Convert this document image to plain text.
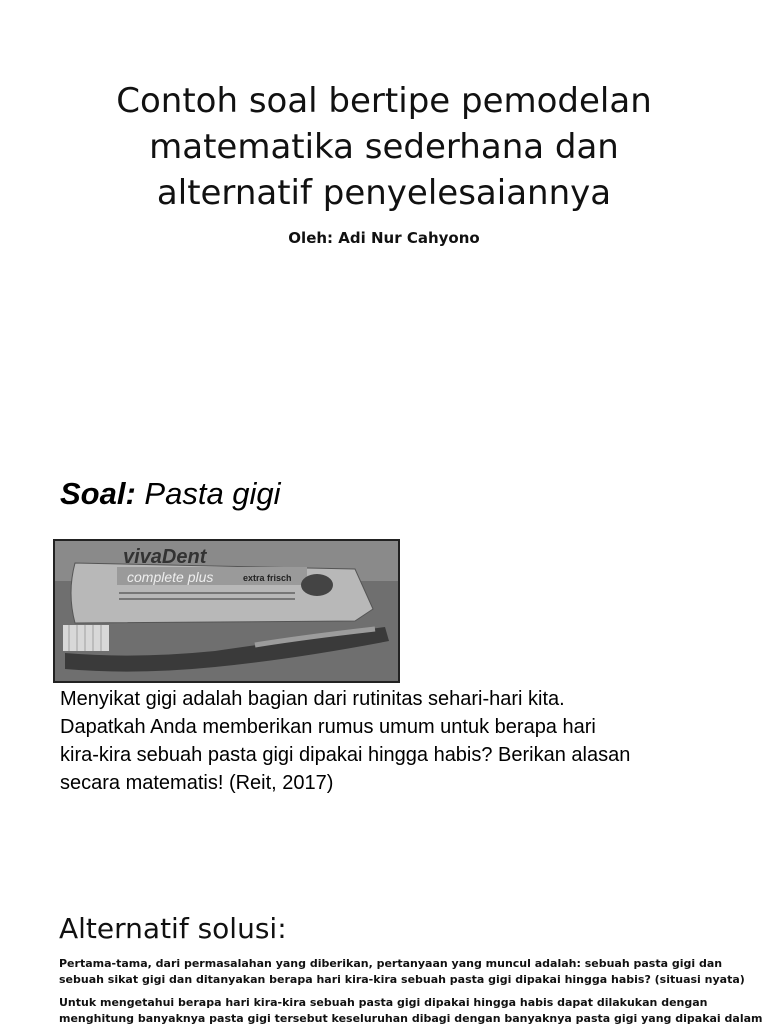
Contoh soal bertipe pemodelan
matematika sederhana dan
alternatif penyelesaiannya
Oleh: Adi Nur Cahyono
Soal: Pasta gigi
vivaDent
complete plus	extra frisch
Menyikat gigi adalah bagian dari rutinitas sehari-hari kita.
Dapatkah Anda memberikan rumus umum untuk berapa hari
kira-kira sebuah pasta gigi dipakai hingga habis? Berikan alasan
secara matematis! (Reit, 2017)
Alternatif solusi:
Pertama-tama, dari permasalahan yang diberikan, pertanyaan yang muncul adalah: sebuah pasta gigi dan
sebuah sikat gigi dan ditanyakan berapa hari kira-kira sebuah pasta gigi dipakai hingga habis? (situasi nyata)
Untuk mengetahui berapa hari kira-kira sebuah pasta gigi dipakai hingga habis dapat dilakukan dengan
menghitung banyaknya pasta gigi tersebut keseluruhan dibagi dengan banyaknya pasta gigi yang dipakai dalam
